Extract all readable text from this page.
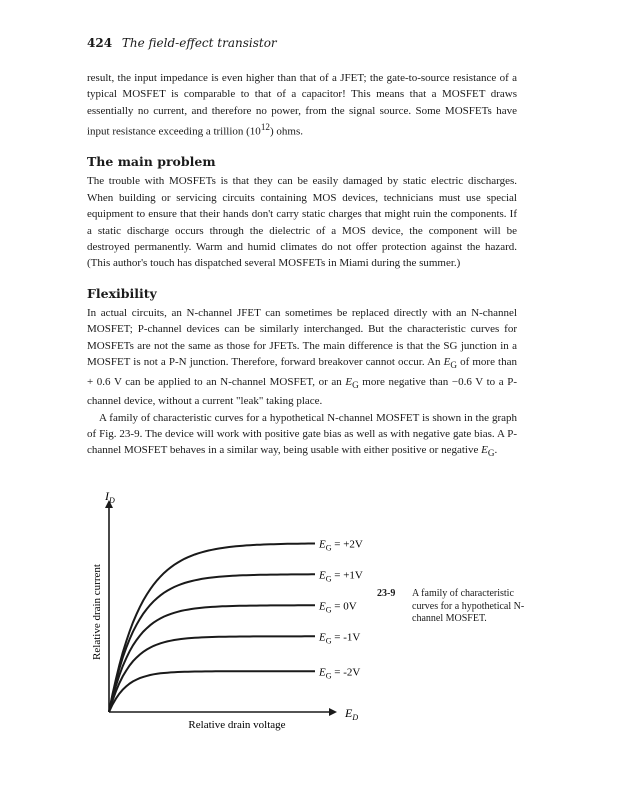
424 The field-effect transistor

result, the input impedance is even higher than that of a JFET; the gate-to-source resistance of a typical MOSFET is comparable to that of a capacitor! This means that a MOSFET draws essentially no current, and therefore no power, from the signal source. Some MOSFETs have input resistance exceeding a trillion $(10^{12})$ ohms.

The main problem

The trouble with MOSFETs is that they can be easily damaged by static electric discharges. When building or servicing circuits containing MOS devices, technicians must use special equipment to ensure that their hands don't carry static charges that might ruin the components. If a static discharge occurs through the dielectric of a MOS device, the component will be destroyed permanently. Warm and humid climates do not offer protection against the hazard. (This author's touch has dispatched several MOSFETs in Miami during the summer.)

Flexibility

In actual circuits, an N-channel JFET can sometimes be replaced directly with an N-channel MOSFET; P-channel devices can be similarly interchanged. But the characteristic curves for MOSFETs are not the same as those for JFETs. The main difference is that the SG junction in a MOSFET is not a P-N junction. Therefore, forward breakover cannot occur. An $E_G$ of more than + 0.6 V can be applied to an N-channel MOSFET, or an $E_G$ more negative than −0.6 V to a P-channel device, without a current "leak" taking place.

A family of characteristic curves for a hypothetical N-channel MOSFET is shown in the graph of Fig. 23-9. The device will work with positive gate bias as well as with negative gate bias. A P-channel MOSFET behaves in a similar way, being usable with either positive or negative $E_G$.

$I_D$
$E_D$
Relative drain current
Relative drain voltage
$E_G = +2V$
$E_G = +1V$
$E_G = 0V$
$E_G = -1V$
$E_G = -2V$
23-9 A family of characteristic curves for a hypothetical N-channel MOSFET.
